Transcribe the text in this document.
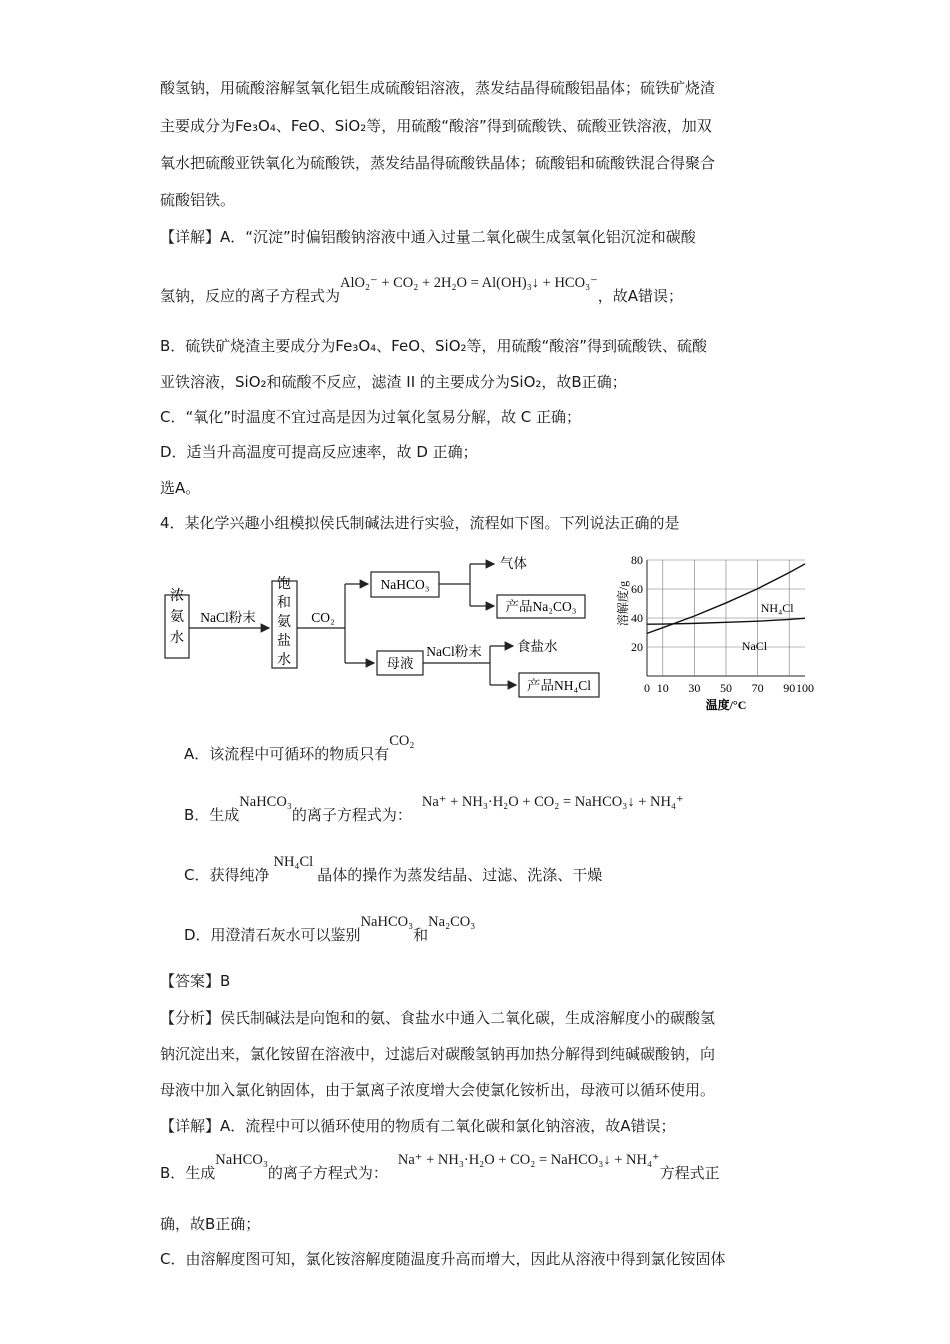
酸氢钠，用硫酸溶解氢氧化铝生成硫酸铝溶液，蒸发结晶得硫酸铝晶体；硫铁矿烧渣
主要成分为Fe₃O₄、FeO、SiO₂等，用硫酸“酸溶”得到硫酸铁、硫酸亚铁溶液，加双
氧水把硫酸亚铁氧化为硫酸铁，蒸发结晶得硫酸铁晶体；硫酸铝和硫酸铁混合得聚合
硫酸铝铁。
【详解】A．“沉淀”时偏铝酸钠溶液中通入过量二氧化碳生成氢氧化铝沉淀和碳酸
氢钠，反应的离子方程式为AlO₂⁻ + CO₂ + 2H₂O = Al(OH)₃↓ + HCO₃⁻，故A错误；
B．硫铁矿烧渣主要成分为Fe₃O₄、FeO、SiO₂等，用硫酸“酸溶”得到硫酸铁、硫酸
亚铁溶液，SiO₂和硫酸不反应，滤渣 II 的主要成分为SiO₂，故B正确；
C．“氧化”时温度不宜过高是因为过氧化氢易分解，故 C 正确；
D．适当升高温度可提高反应速率，故 D 正确；
选A。
4．某化学兴趣小组模拟侯氏制碱法进行实验，流程如下图。下列说法正确的是
浓氨水
饱和氨盐水
NaCl粉末	CO₂
NaHCO₃
气体
产品Na₂CO₃
母液
NaCl粉末	食盐水
产品NH₄Cl
20
40
60
80
0 10 30 50 70 90 100
NH₄Cl
NaCl
溶解度/g
温度/°C
A．该流程中可循环的物质只有CO₂
B．生成NaHCO₃的离子方程式为：Na⁺ + NH₃·H₂O + CO₂ = NaHCO₃↓ + NH₄⁺
C．获得纯净NH₄Cl晶体的操作为蒸发结晶、过滤、洗涤、干燥
D．用澄清石灰水可以鉴别NaHCO₃和Na₂CO₃
【答案】B
【分析】侯氏制碱法是向饱和的氨、食盐水中通入二氧化碳，生成溶解度小的碳酸氢
钠沉淀出来，氯化铵留在溶液中，过滤后对碳酸氢钠再加热分解得到纯碱碳酸钠，向
母液中加入氯化钠固体，由于氯离子浓度增大会使氯化铵析出，母液可以循环使用。
【详解】A．流程中可以循环使用的物质有二氧化碳和氯化钠溶液，故A错误；
B．生成NaHCO₃的离子方程式为：Na⁺ + NH₃·H₂O + CO₂ = NaHCO₃↓ + NH₄⁺方程式正
确，故B正确；
C．由溶解度图可知，氯化铵溶解度随温度升高而增大，因此从溶液中得到氯化铵固体
